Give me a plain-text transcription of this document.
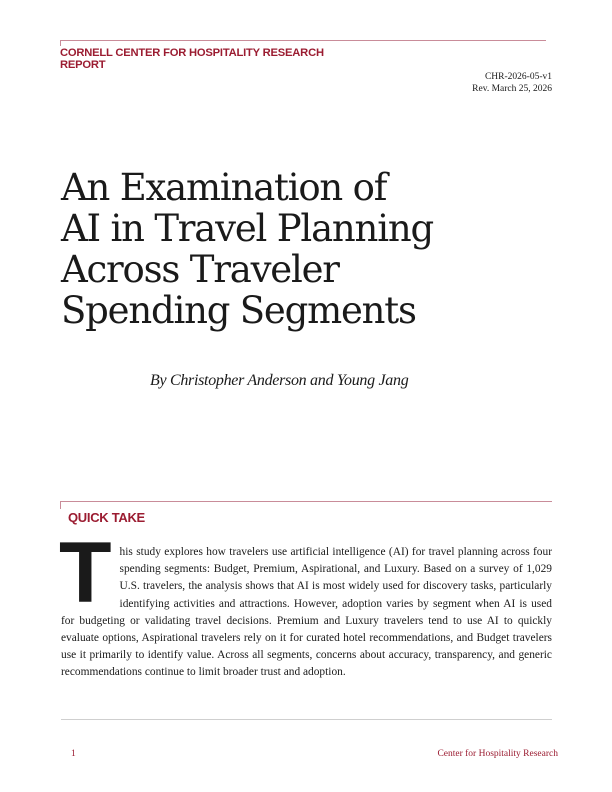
CORNELL CENTER FOR HOSPITALITY RESEARCH
REPORT
CHR-2026-05-v1
Rev. March 25, 2026
An Examination of
AI in Travel Planning
Across Traveler
Spending Segments
By Christopher Anderson and Young Jang
QUICK TAKE

T his study explores how travelers use artificial intelligence (AI) for travel planning across four spending segments: Budget, Premium, Aspirational, and Luxury. Based on a survey of 1,029 U.S. travelers, the analysis shows that AI is most widely used for discovery tasks, particularly identifying activities and attractions. However, adoption varies by segment when AI is used for budgeting or validating travel decisions. Premium and Luxury travelers tend to use AI to quickly evaluate options, Aspirational travelers rely on it for curated hotel recommendations, and Budget travelers use it primarily to identify value. Across all segments, concerns about accuracy, transparency, and generic recommendations continue to limit broader trust and adoption.

1	Center for Hospitality Research
